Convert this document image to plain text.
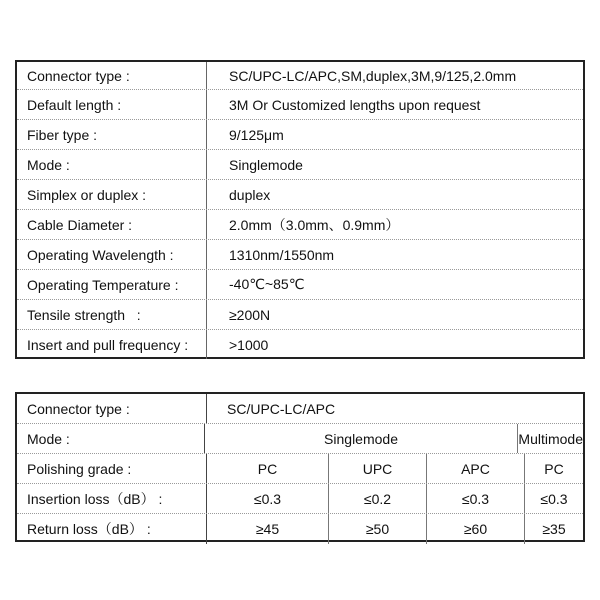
Connector type :	SC/UPC-LC/APC,SM,duplex,3M,9/125,2.0mm
Default length :	3M Or Customized lengths upon request
Fiber type :	9/125μm
Mode :	Singlemode
Simplex or duplex :	duplex
Cable Diameter :	2.0mm（3.0mm、0.9mm）
Operating Wavelength :	1310nm/1550nm
Operating Temperature :	-40℃~85℃
Tensile strength   :	≥200N
Insert and pull frequency :	>1000
Connector type :	SC/UPC-LC/APC
Mode :	Singlemode	Multimode
Polishing grade :	PC	UPC	APC	PC
Insertion loss（dB） :	≤0.3	≤0.2	≤0.3	≤0.3
Return loss（dB） :	≥45	≥50	≥60	≥35
